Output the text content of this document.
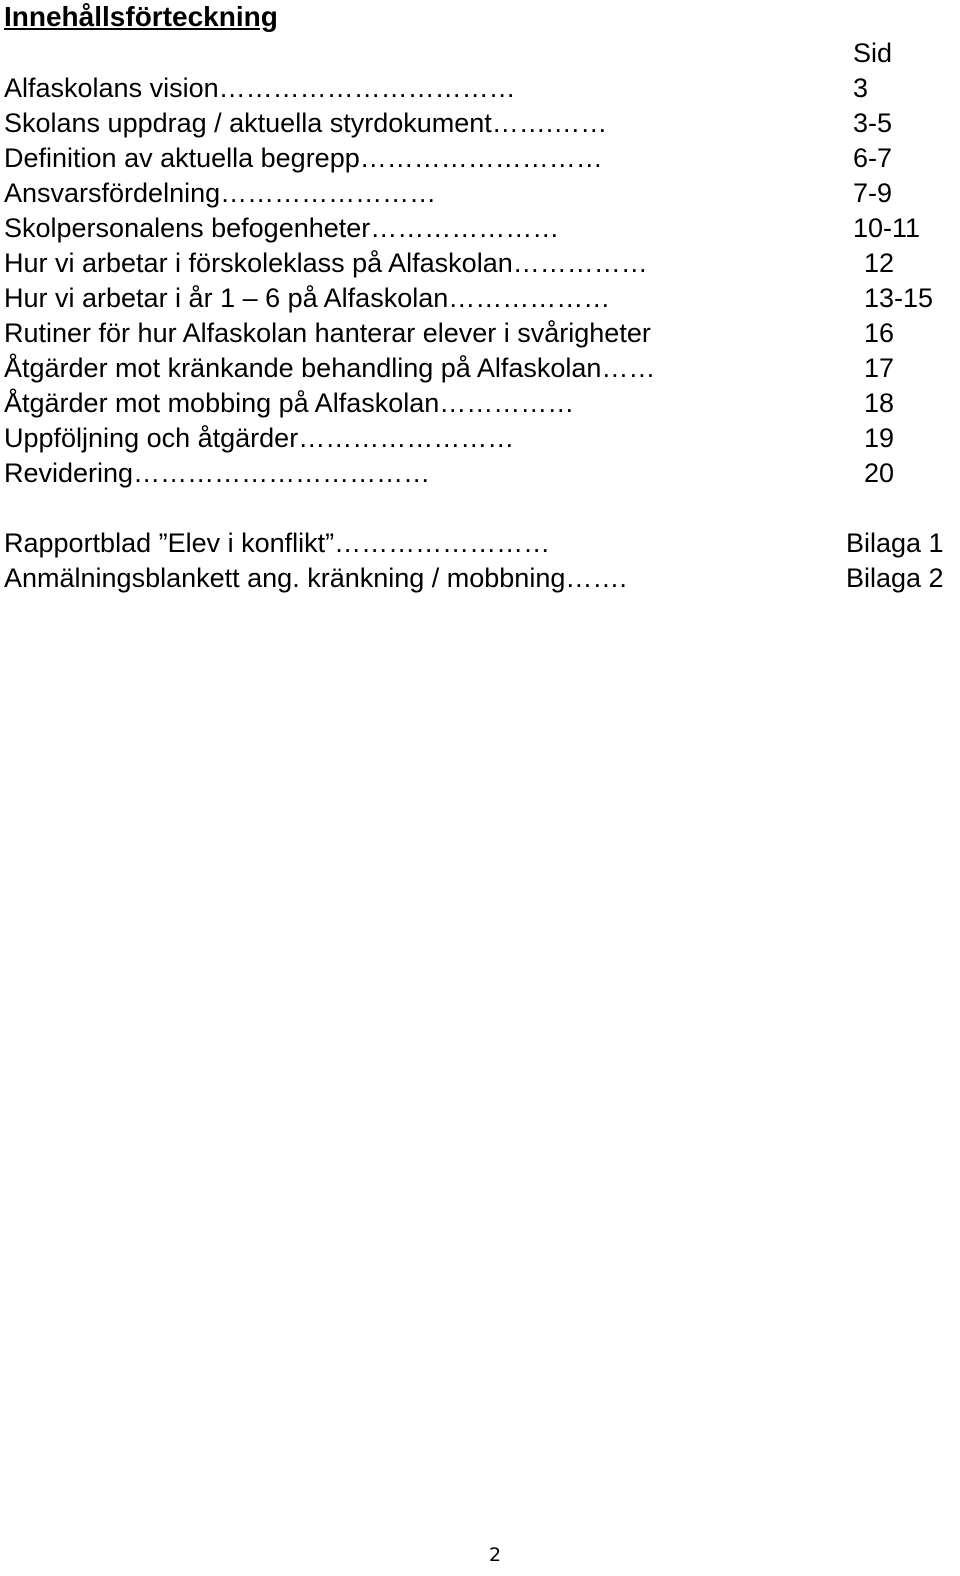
Innehållsförteckning
Sid
Alfaskolans vision……………………………	3
Skolans uppdrag / aktuella styrdokument…….……	3-5
Definition av aktuella begrepp………………………	6-7
Ansvarsfördelning……………………	7-9
Skolpersonalens befogenheter…………………	10-11
Hur vi arbetar i förskoleklass på Alfaskolan……………	12
Hur vi arbetar i år 1 – 6 på Alfaskolan………………	13-15
Rutiner för hur Alfaskolan hanterar elever i svårigheter	16
Åtgärder mot kränkande behandling på Alfaskolan……	17
Åtgärder mot mobbing på Alfaskolan……………	18
Uppföljning och åtgärder……………………	19
Revidering……………………………	20
Rapportblad ”Elev i konflikt”……………………	Bilaga 1
Anmälningsblankett ang. kränkning / mobbning…….	Bilaga 2
2
